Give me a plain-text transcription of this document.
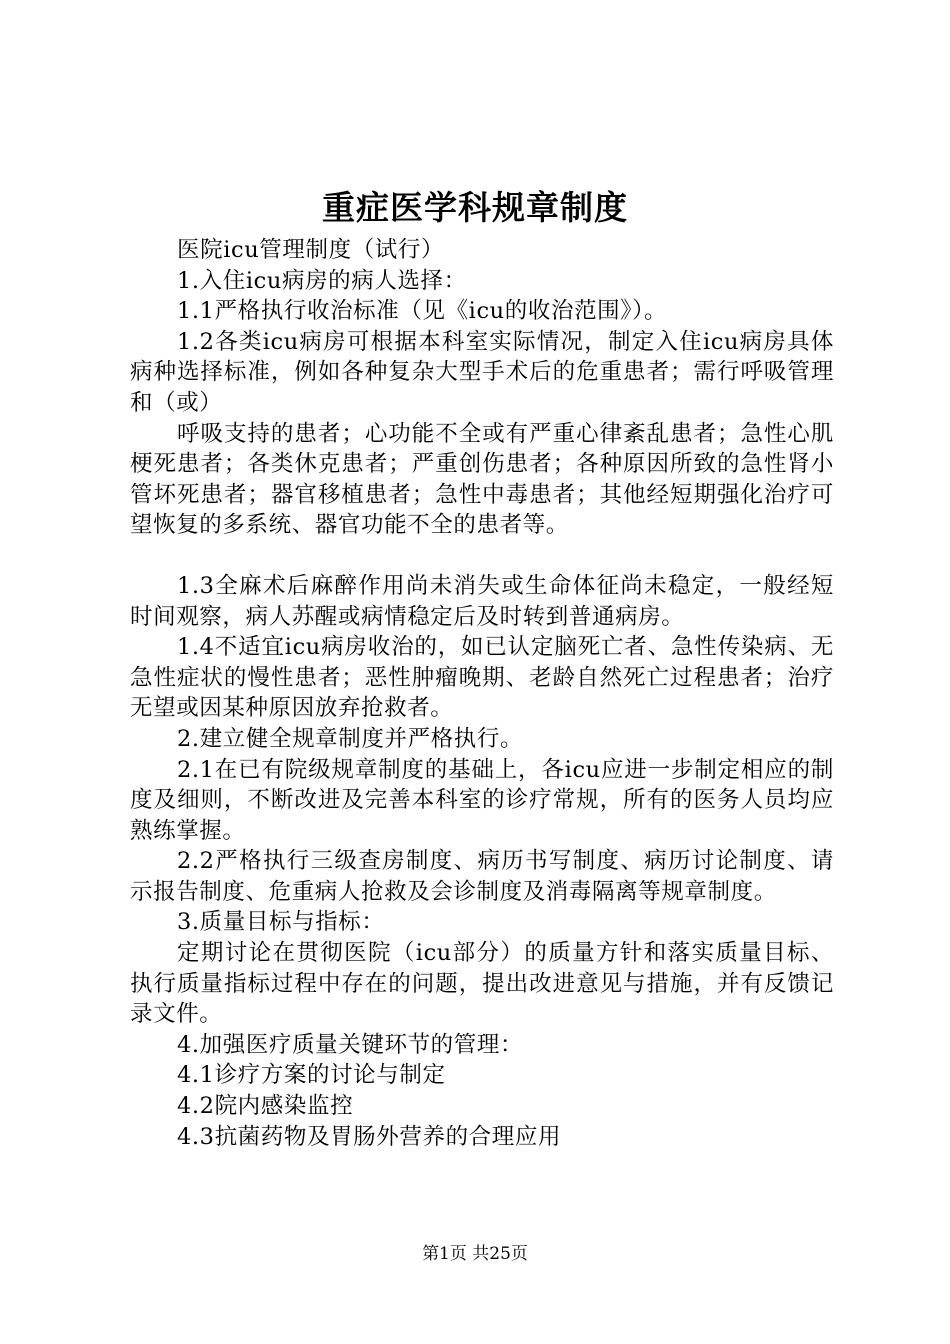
重症医学科规章制度

医院icu管理制度（试行）

1.入住icu病房的病人选择：

1.1严格执行收治标准（见《icu的收治范围》）。

1.2各类icu病房可根据本科室实际情况，制定入住icu病房具体病种选择标准，例如各种复杂大型手术后的危重患者；需行呼吸管理和（或）

呼吸支持的患者；心功能不全或有严重心律紊乱患者；急性心肌梗死患者；各类休克患者；严重创伤患者；各种原因所致的急性肾小管坏死患者；器官移植患者；急性中毒患者；其他经短期强化治疗可望恢复的多系统、器官功能不全的患者等。

1.3全麻术后麻醉作用尚未消失或生命体征尚未稳定，一般经短时间观察，病人苏醒或病情稳定后及时转到普通病房。

1.4不适宜icu病房收治的，如已认定脑死亡者、急性传染病、无急性症状的慢性患者；恶性肿瘤晚期、老龄自然死亡过程患者；治疗无望或因某种原因放弃抢救者。

2.建立健全规章制度并严格执行。

2.1在已有院级规章制度的基础上，各icu应进一步制定相应的制度及细则，不断改进及完善本科室的诊疗常规，所有的医务人员均应熟练掌握。

2.2严格执行三级查房制度、病历书写制度、病历讨论制度、请示报告制度、危重病人抢救及会诊制度及消毒隔离等规章制度。

3.质量目标与指标：

定期讨论在贯彻医院（icu部分）的质量方针和落实质量目标、执行质量指标过程中存在的问题，提出改进意见与措施，并有反馈记录文件。

4.加强医疗质量关键环节的管理：

4.1诊疗方案的讨论与制定

4.2院内感染监控

4.3抗菌药物及胃肠外营养的合理应用

第1页 共25页
